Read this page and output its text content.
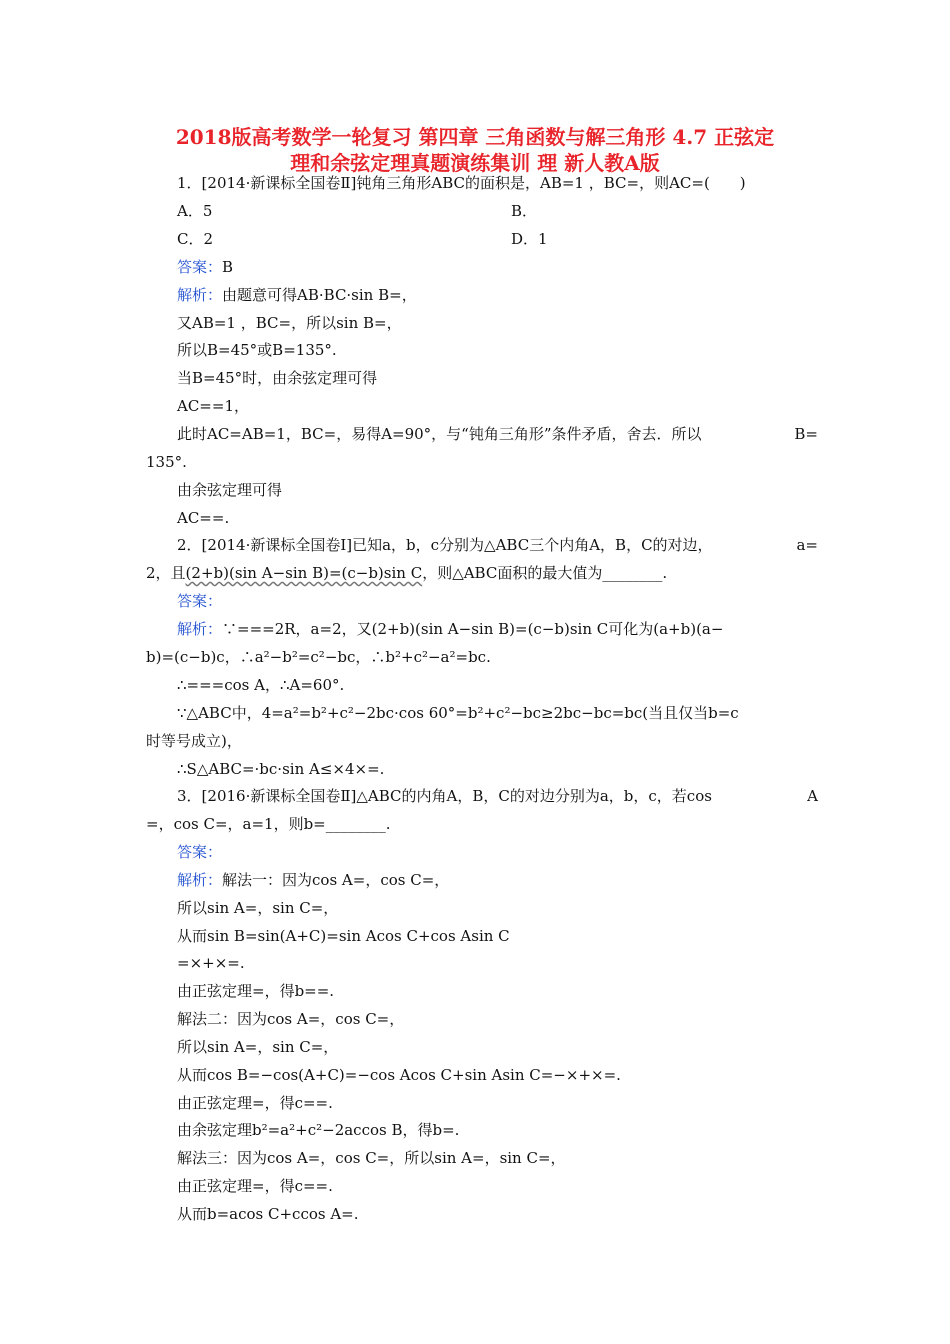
2018版高考数学一轮复习 第四章 三角函数与解三角形 4.7 正弦定
理和余弦定理真题演练集训 理 新人教A版
1．[2014·新课标全国卷Ⅱ]钝角三角形ABC的面积是，AB=1 ，BC=，则AC=(　　)
A．5	B．
C．2	D．1
答案：B
解析：由题意可得AB·BC·sin B=，
又AB=1 ，BC=，所以sin B=，
所以B=45°或B=135°.
当B=45°时，由余弦定理可得
AC==1，
此时AC=AB=1，BC=，易得A=90°，与“钝角三角形”条件矛盾，舍去．所以	B=
135°.
由余弦定理可得
AC==.
2．[2014·新课标全国卷Ⅰ]已知a，b，c分别为△ABC三个内角A，B，C的对边，	a=
2，且(2+b)(sin A−sin B)=(c−b)sin C，则△ABC面积的最大值为________.
答案：
解析：∵===2R，a=2，又(2+b)(sin A−sin B)=(c−b)sin C可化为(a+b)(a−
b)=(c−b)c，∴a²−b²=c²−bc，∴b²+c²−a²=bc.
∴===cos A，∴A=60°.
∵△ABC中，4=a²=b²+c²−2bc·cos 60°=b²+c²−bc≥2bc−bc=bc(当且仅当b=c
时等号成立)，
∴S△ABC=·bc·sin A≤×4×=.
3．[2016·新课标全国卷Ⅱ]△ABC的内角A，B，C的对边分别为a，b，c，若cos	A
=，cos C=，a=1，则b=________.
答案：
解析：解法一：因为cos A=，cos C=，
所以sin A=，sin C=，
从而sin B=sin(A+C)=sin Acos C+cos Asin C
=×+×=.
由正弦定理=，得b==.
解法二：因为cos A=，cos C=，
所以sin A=，sin C=，
从而cos B=−cos(A+C)=−cos Acos C+sin Asin C=−×+×=.
由正弦定理=，得c==.
由余弦定理b²=a²+c²−2accos B，得b=.
解法三：因为cos A=，cos C=，所以sin A=，sin C=，
由正弦定理=，得c==.
从而b=acos C+ccos A=.
